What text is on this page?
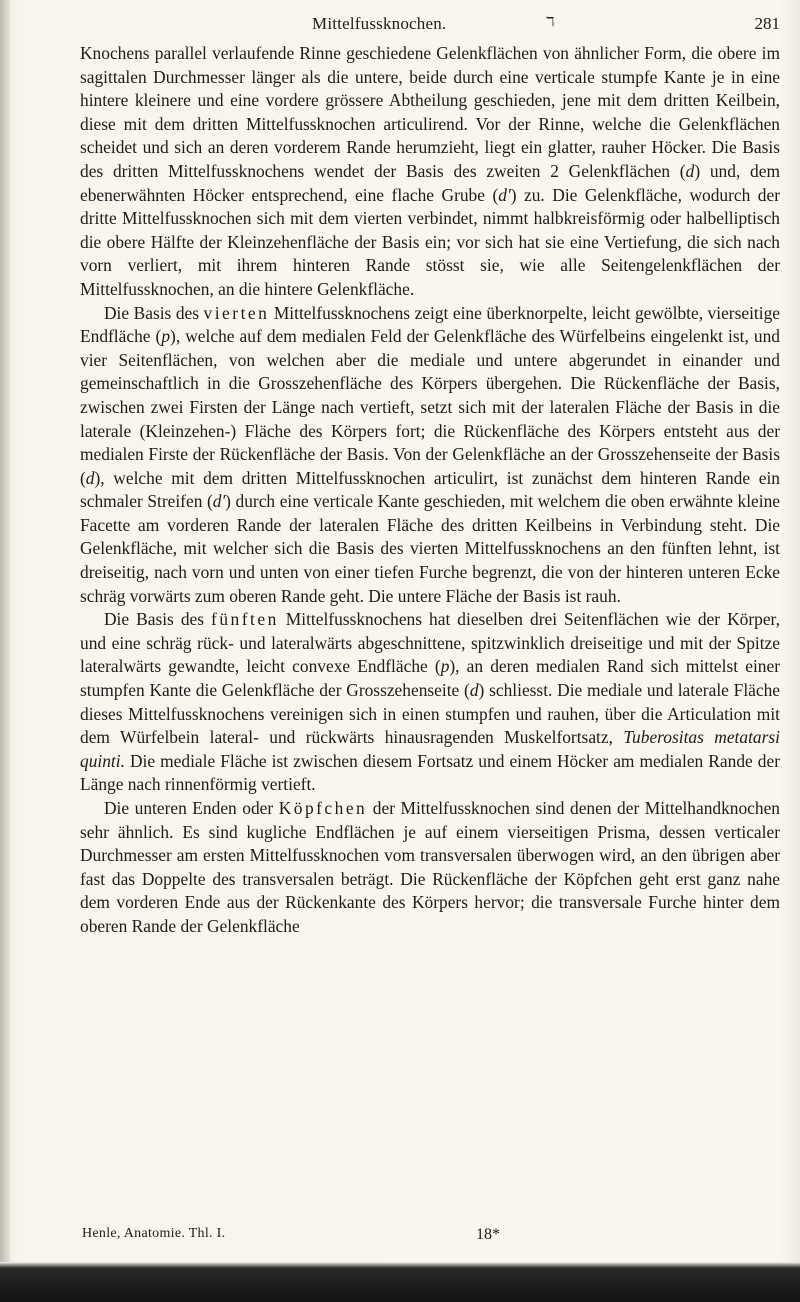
Mittelfussknochen.	ℸ	281

Knochens parallel verlaufende Rinne geschiedene Gelenkflächen von ähnlicher Form, die obere im sagittalen Durchmesser länger als die untere, beide durch eine verticale stumpfe Kante je in eine hintere kleinere und eine vordere grössere Abtheilung geschieden, jene mit dem dritten Keilbein, diese mit dem dritten Mittelfussknochen articulirend. Vor der Rinne, welche die Gelenkflächen scheidet und sich an deren vorderem Rande herumzieht, liegt ein glatter, rauher Höcker. Die Basis des dritten Mittelfussknochens wendet der Basis des zweiten 2 Gelenkflächen (d) und, dem ebenerwähnten Höcker entsprechend, eine flache Grube (d') zu. Die Gelenkfläche, wodurch der dritte Mittelfussknochen sich mit dem vierten verbindet, nimmt halbkreisförmig oder halbelliptisch die obere Hälfte der Kleinzehenfläche der Basis ein; vor sich hat sie eine Vertiefung, die sich nach vorn verliert, mit ihrem hinteren Rande stösst sie, wie alle Seitengelenkflächen der Mittelfussknochen, an die hintere Gelenkfläche.

Die Basis des vierten Mittelfussknochens zeigt eine überknorpelte, leicht gewölbte, vierseitige Endfläche (p), welche auf dem medialen Feld der Gelenkfläche des Würfelbeins eingelenkt ist, und vier Seitenflächen, von welchen aber die mediale und untere abgerundet in einander und gemeinschaftlich in die Grosszehenfläche des Körpers übergehen. Die Rückenfläche der Basis, zwischen zwei Firsten der Länge nach vertieft, setzt sich mit der lateralen Fläche der Basis in die laterale (Kleinzehen-) Fläche des Körpers fort; die Rückenfläche des Körpers entsteht aus der medialen Firste der Rückenfläche der Basis. Von der Gelenkfläche an der Grosszehenseite der Basis (d), welche mit dem dritten Mittelfussknochen articulirt, ist zunächst dem hinteren Rande ein schmaler Streifen (d') durch eine verticale Kante geschieden, mit welchem die oben erwähnte kleine Facette am vorderen Rande der lateralen Fläche des dritten Keilbeins in Verbindung steht. Die Gelenkfläche, mit welcher sich die Basis des vierten Mittelfussknochens an den fünften lehnt, ist dreiseitig, nach vorn und unten von einer tiefen Furche begrenzt, die von der hinteren unteren Ecke schräg vorwärts zum oberen Rande geht. Die untere Fläche der Basis ist rauh.

Die Basis des fünften Mittelfussknochens hat dieselben drei Seitenflächen wie der Körper, und eine schräg rück- und lateralwärts abgeschnittene, spitzwinklich dreiseitige und mit der Spitze lateralwärts gewandte, leicht convexe Endfläche (p), an deren medialen Rand sich mittelst einer stumpfen Kante die Gelenkfläche der Grosszehenseite (d) schliesst. Die mediale und laterale Fläche dieses Mittelfussknochens vereinigen sich in einen stumpfen und rauhen, über die Articulation mit dem Würfelbein lateral- und rückwärts hinausragenden Muskelfortsatz, Tuberositas metatarsi quinti. Die mediale Fläche ist zwischen diesem Fortsatz und einem Höcker am medialen Rande der Länge nach rinnenförmig vertieft.

Die unteren Enden oder Köpfchen der Mittelfussknochen sind denen der Mittelhandknochen sehr ähnlich. Es sind kugliche Endflächen je auf einem vierseitigen Prisma, dessen verticaler Durchmesser am ersten Mittelfussknochen vom transversalen überwogen wird, an den übrigen aber fast das Doppelte des transversalen beträgt. Die Rückenfläche der Köpfchen geht erst ganz nahe dem vorderen Ende aus der Rückenkante des Körpers hervor; die transversale Furche hinter dem oberen Rande der Gelenkfläche

Henle, Anatomie. Thl. I.	18*
